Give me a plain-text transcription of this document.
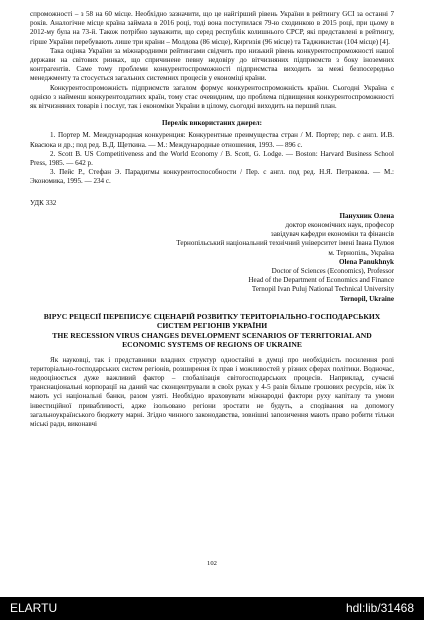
спроможності – з 58 на 60 місце. Необхідно зазначити, що це найгірший рівень України в рейтингу GCI за останні 7 років. Аналогічне місце країна займала в 2016 році, тоді вона поступилася 79-ю сходинкою в 2015 році, при цьому в 2012-му була на 73-й. Також потрібно зауважити, що серед республік колишнього СРСР, які представлені в рейтингу, гірше України перебувають лише три країни – Молдова (86 місце), Киргизія (96 місце) та Таджикистан (104 місце) [4].

Така оцінка України за міжнародними рейтингами свідчить про низький рівень конкурентоспроможності нашої держави на світових ринках, що спричинене певну недовіру до вітчизняних підприємств з боку іноземних контрагентів. Саме тому проблеми конкурентоспроможності підприємства виходить за межі безпосередньо менеджменту та стосується загальних системних процесів у економіці країни.

Конкурентоспроможність підприємств загалом формує конкурентоспроможність країни. Сьогодні Україна є однією з найменш конкурентоздатних країн, тому стає очевидним, що проблема підвищення конкурентоспроможності як вітчизняних товарів і послуг, так і економіки України в цілому, сьогодні виходить на перший план.

Перелік використаних джерел:

1. Портер М. Международная конкуренция: Конкурентные преимущества стран / М. Портер; пер. с англ. И.В. Квасюка и др.; под ред. В.Д. Щеткина. — М.: Международные отношения, 1993. — 896 с.

2. Scott B. US Competitiveness and the World Economy / B. Scott, G. Lodge. — Boston: Harvard Business School Press, 1985. — 642 p.

3. Пейс Р., Стефан Э. Парадигмы конкурентоспособности / Пер. с англ. под ред. Н.Я. Петракова. — М.: Экономика, 1995. — 234 с.

УДК 332
Панухник Олена
доктор економічних наук, професор
завідувач кафедри економіки та фінансів
Тернопільський національний технічний університет імені Івана Пулюя
м. Тернопіль, Україна
Olena Panukhnyk
Doctor of Sciences (Economics), Professor
Head of the Department of Economics and Finance
Ternopil Ivan Puluj National Technical University
Ternopil, Ukraine
ВІРУС РЕЦЕСІЇ ПЕРЕПИСУЄ СЦЕНАРІЙ РОЗВИТКУ ТЕРИТОРІАЛЬНО-ГОСПОДАРСЬКИХ СИСТЕМ РЕГІОНІВ УКРАЇНИ
THE RECESSION VIRUS CHANGES DEVELOPMENT SCENARIOS OF TERRITORIAL AND ECONOMIC SYSTEMS OF REGIONS OF UKRAINE

Як науковці, так і представники владних структур одностайні в думці про необхідність посилення ролі територіально-господарських систем регіонів, розширення їх прав і можливостей у різних сферах політики. Водночас, недооціноється дуже важливий фактор – глобалізація світогосподарських процесів. Наприклад, сучасні транснаціональні корпорації на даний час сконцентрували в своїх руках у 4-5 разів більше грошових ресурсів, ніж їх мають усі національні банки, разом узяті. Необхідно враховувати міжнародні фактори руху капіталу та умови інвестиційної привабливості, адже ізольовано регіони зростати не будуть, а сподівання на допомогу загальноукраїнського бюджету марні. Згідно чинного законодавства, зовнішні запозичення мають право робити тільки міські ради, виконавчі

102
ELARTU	hdl:lib/31468
